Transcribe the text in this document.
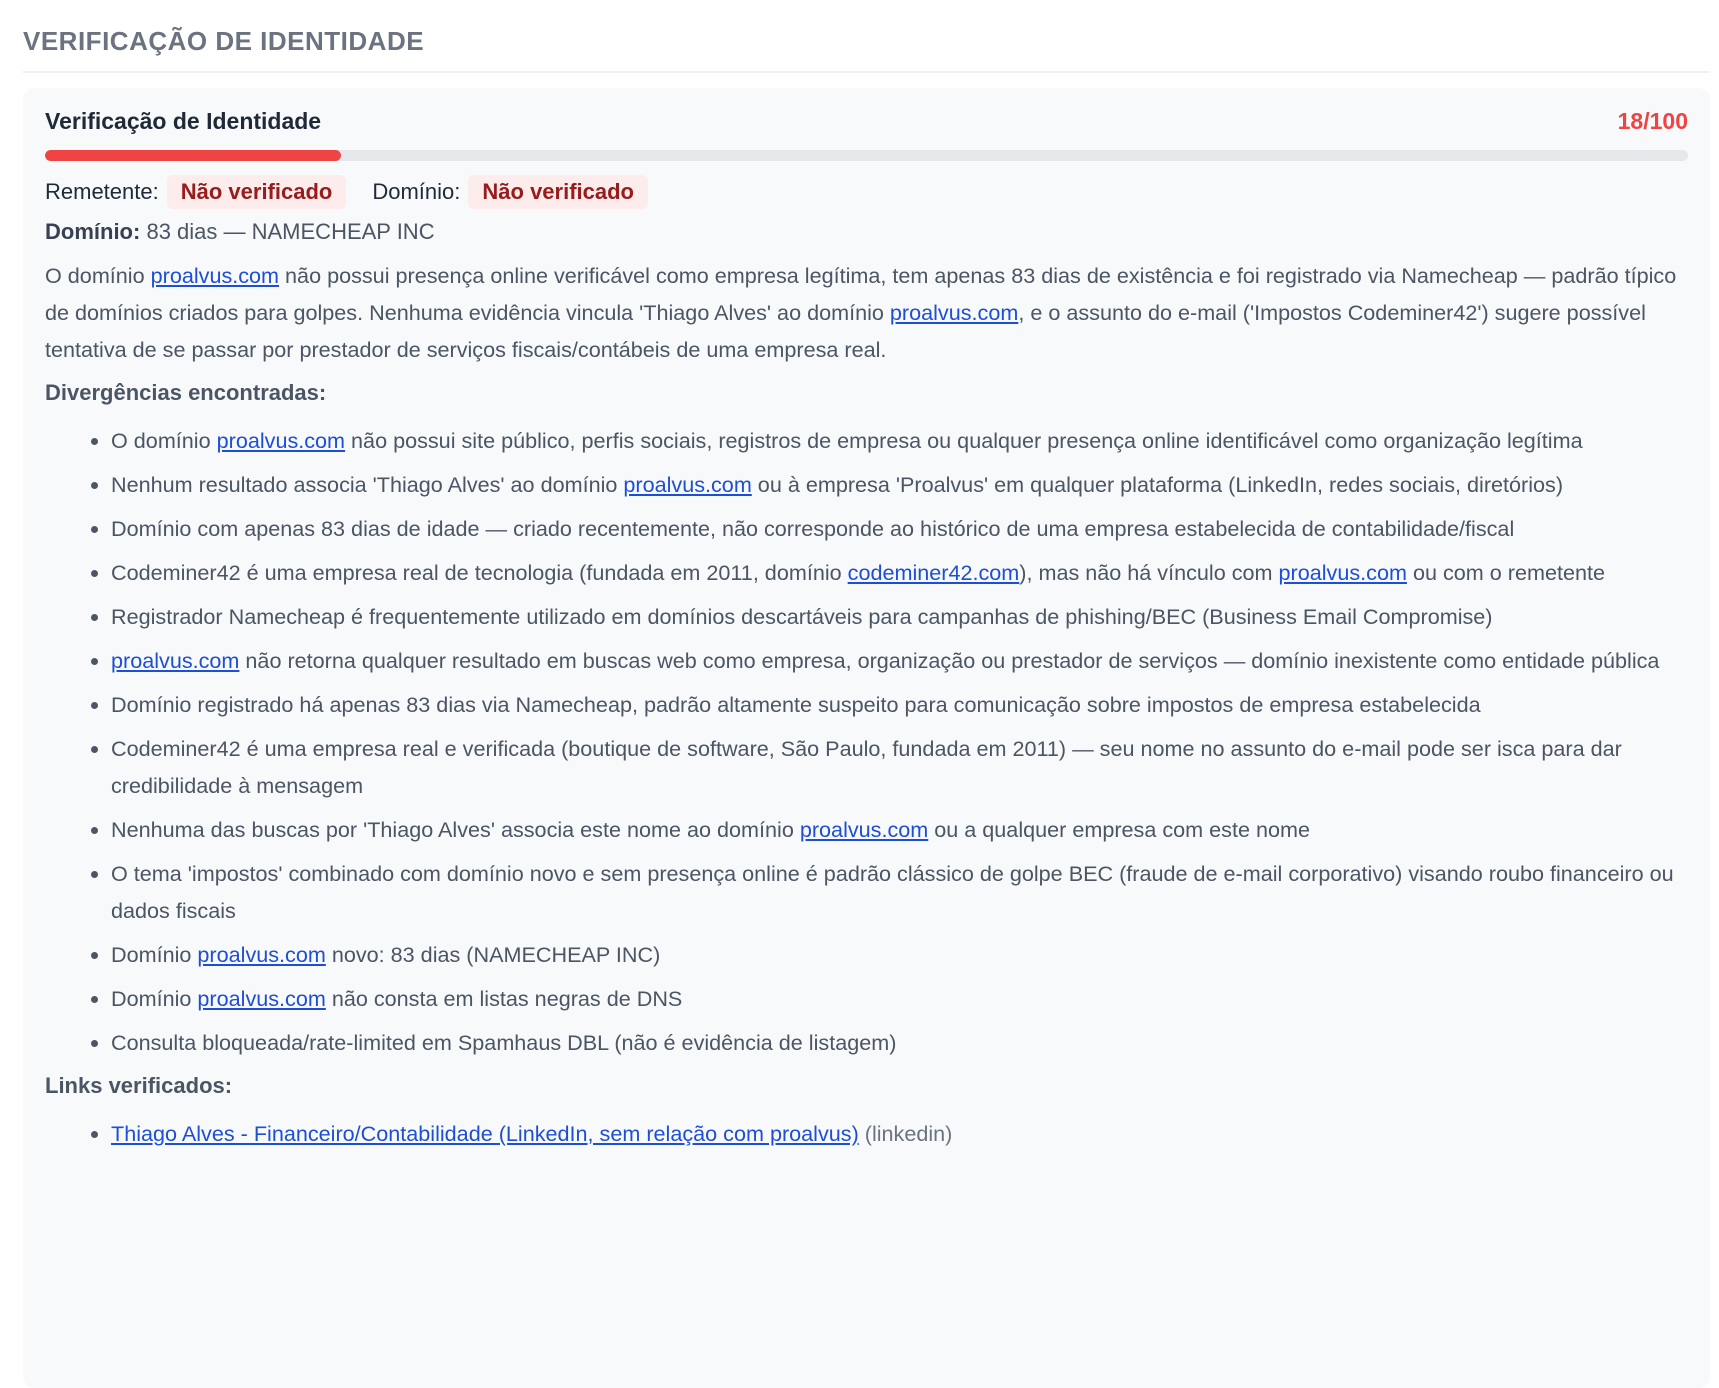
VERIFICAÇÃO DE IDENTIDADE
Verificação de Identidade	18/100
Remetente:	Não verificado	Domínio:	Não verificado
Domínio: 83 dias — NAMECHEAP INC

O domínio proalvus.com não possui presença online verificável como empresa legítima, tem apenas 83 dias de existência e foi registrado via Namecheap — padrão típico de domínios criados para golpes. Nenhuma evidência vincula 'Thiago Alves' ao domínio proalvus.com, e o assunto do e-mail ('Impostos Codeminer42') sugere possível tentativa de se passar por prestador de serviços fiscais/contábeis de uma empresa real.

Divergências encontradas:
• O domínio proalvus.com não possui site público, perfis sociais, registros de empresa ou qualquer presença online identificável como organização legítima
• Nenhum resultado associa 'Thiago Alves' ao domínio proalvus.com ou à empresa 'Proalvus' em qualquer plataforma (LinkedIn, redes sociais, diretórios)
• Domínio com apenas 83 dias de idade — criado recentemente, não corresponde ao histórico de uma empresa estabelecida de contabilidade/fiscal
• Codeminer42 é uma empresa real de tecnologia (fundada em 2011, domínio codeminer42.com), mas não há vínculo com proalvus.com ou com o remetente
• Registrador Namecheap é frequentemente utilizado em domínios descartáveis para campanhas de phishing/BEC (Business Email Compromise)
• proalvus.com não retorna qualquer resultado em buscas web como empresa, organização ou prestador de serviços — domínio inexistente como entidade pública
• Domínio registrado há apenas 83 dias via Namecheap, padrão altamente suspeito para comunicação sobre impostos de empresa estabelecida
• Codeminer42 é uma empresa real e verificada (boutique de software, São Paulo, fundada em 2011) — seu nome no assunto do e-mail pode ser isca para dar credibilidade à mensagem
• Nenhuma das buscas por 'Thiago Alves' associa este nome ao domínio proalvus.com ou a qualquer empresa com este nome
• O tema 'impostos' combinado com domínio novo e sem presença online é padrão clássico de golpe BEC (fraude de e-mail corporativo) visando roubo financeiro ou dados fiscais
• Domínio proalvus.com novo: 83 dias (NAMECHEAP INC)
• Domínio proalvus.com não consta em listas negras de DNS
• Consulta bloqueada/rate-limited em Spamhaus DBL (não é evidência de listagem)
Links verificados:
• Thiago Alves - Financeiro/Contabilidade (LinkedIn, sem relação com proalvus) (linkedin)
